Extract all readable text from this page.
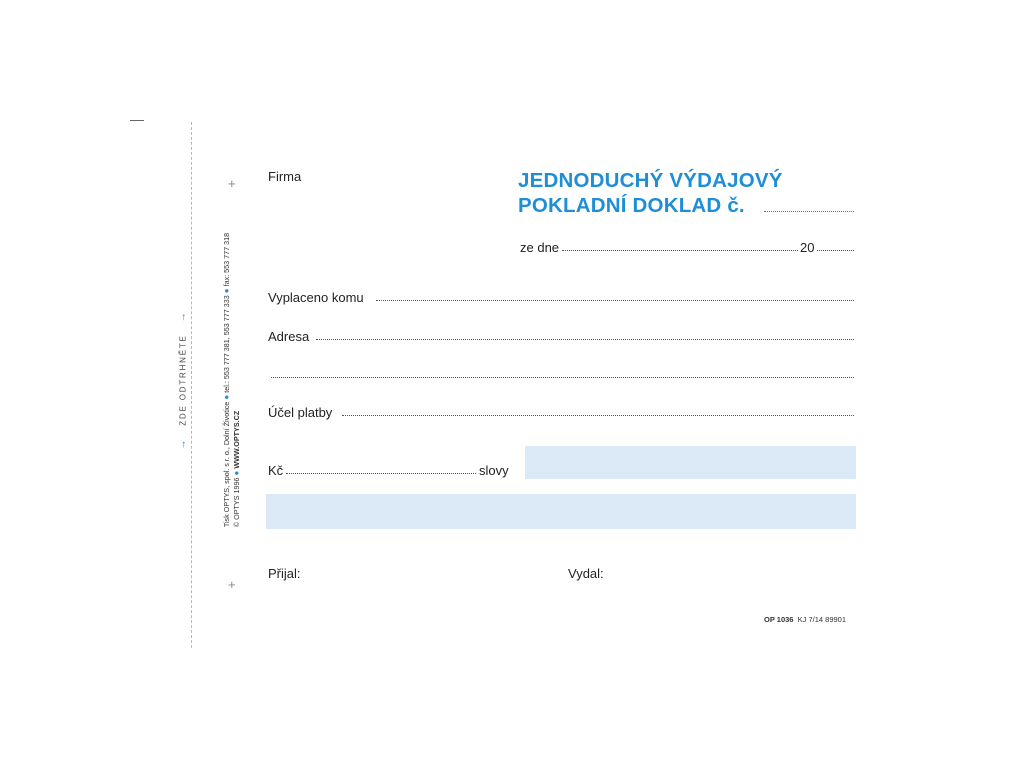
→   ZDE ODTRHNĚTE   →
+
+
Tisk OPTYS, spol. s r. o., Dolní Životice ● tel.: 553 777 381, 553 777 333 ● fax: 553 777 318
© OPTYS 1996 ● WWW.OPTYS.CZ
Firma	JEDNODUCHÝ VÝDAJOVÝ
POKLADNÍ DOKLAD č.
ze dne	20
Vyplaceno komu
Adresa
Účel platby
Kč	slovy
Přijal:	Vydal:
OP 1036 KJ 7/14 89901
